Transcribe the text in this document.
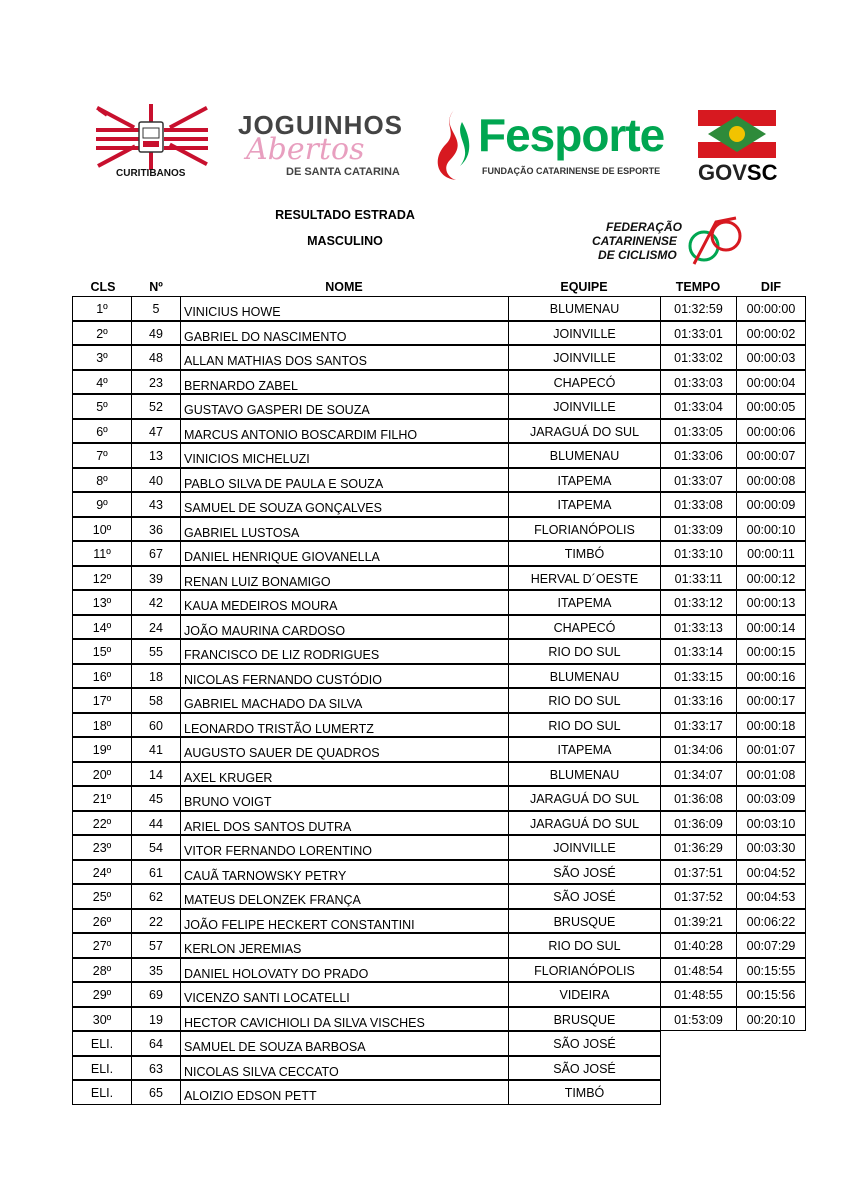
CURITIBANOS
JOGUINHOS
Abertos
DE SANTA CATARINA
Fesporte
FUNDAÇÃO CATARINENSE DE ESPORTE GOVSC
FEDERAÇÃO
CATARINENSE
DE CICLISMO
RESULTADO ESTRADA
MASCULINO
CLS	Nº	NOME	EQUIPE	TEMPO	DIF
1º	5	VINICIUS HOWE	BLUMENAU	01:32:59	00:00:00
2º	49	GABRIEL DO NASCIMENTO	JOINVILLE	01:33:01	00:00:02
3º	48	ALLAN MATHIAS DOS SANTOS	JOINVILLE	01:33:02	00:00:03
4º	23	BERNARDO ZABEL	CHAPECÓ	01:33:03	00:00:04
5º	52	GUSTAVO GASPERI DE SOUZA	JOINVILLE	01:33:04	00:00:05
6º	47	MARCUS ANTONIO BOSCARDIM FILHO	JARAGUÁ DO SUL	01:33:05	00:00:06
7º	13	VINICIOS MICHELUZI	BLUMENAU	01:33:06	00:00:07
8º	40	PABLO SILVA DE PAULA E SOUZA	ITAPEMA	01:33:07	00:00:08
9º	43	SAMUEL DE SOUZA GONÇALVES	ITAPEMA	01:33:08	00:00:09
10º	36	GABRIEL LUSTOSA	FLORIANÓPOLIS	01:33:09	00:00:10
11º	67	DANIEL HENRIQUE GIOVANELLA	TIMBÓ	01:33:10	00:00:11
12º	39	RENAN LUIZ BONAMIGO	HERVAL D´OESTE	01:33:11	00:00:12
13º	42	KAUA MEDEIROS MOURA	ITAPEMA	01:33:12	00:00:13
14º	24	JOÃO MAURINA CARDOSO	CHAPECÓ	01:33:13	00:00:14
15º	55	FRANCISCO DE LIZ RODRIGUES	RIO DO SUL	01:33:14	00:00:15
16º	18	NICOLAS FERNANDO CUSTÓDIO	BLUMENAU	01:33:15	00:00:16
17º	58	GABRIEL MACHADO DA SILVA	RIO DO SUL	01:33:16	00:00:17
18º	60	LEONARDO TRISTÃO LUMERTZ	RIO DO SUL	01:33:17	00:00:18
19º	41	AUGUSTO SAUER DE QUADROS	ITAPEMA	01:34:06	00:01:07
20º	14	AXEL KRUGER	BLUMENAU	01:34:07	00:01:08
21º	45	BRUNO VOIGT	JARAGUÁ DO SUL	01:36:08	00:03:09
22º	44	ARIEL DOS SANTOS DUTRA	JARAGUÁ DO SUL	01:36:09	00:03:10
23º	54	VITOR FERNANDO LORENTINO	JOINVILLE	01:36:29	00:03:30
24º	61	CAUÃ TARNOWSKY PETRY	SÃO JOSÉ	01:37:51	00:04:52
25º	62	MATEUS DELONZEK FRANÇA	SÃO JOSÉ	01:37:52	00:04:53
26º	22	JOÃO FELIPE HECKERT CONSTANTINI	BRUSQUE	01:39:21	00:06:22
27º	57	KERLON JEREMIAS	RIO DO SUL	01:40:28	00:07:29
28º	35	DANIEL HOLOVATY DO PRADO	FLORIANÓPOLIS	01:48:54	00:15:55
29º	69	VICENZO SANTI LOCATELLI	VIDEIRA	01:48:55	00:15:56
30º	19	HECTOR CAVICHIOLI DA SILVA VISCHES	BRUSQUE	01:53:09	00:20:10
ELI.	64	SAMUEL DE SOUZA BARBOSA	SÃO JOSÉ
ELI.	63	NICOLAS SILVA CECCATO	SÃO JOSÉ
ELI.	65	ALOIZIO EDSON PETT	TIMBÓ
